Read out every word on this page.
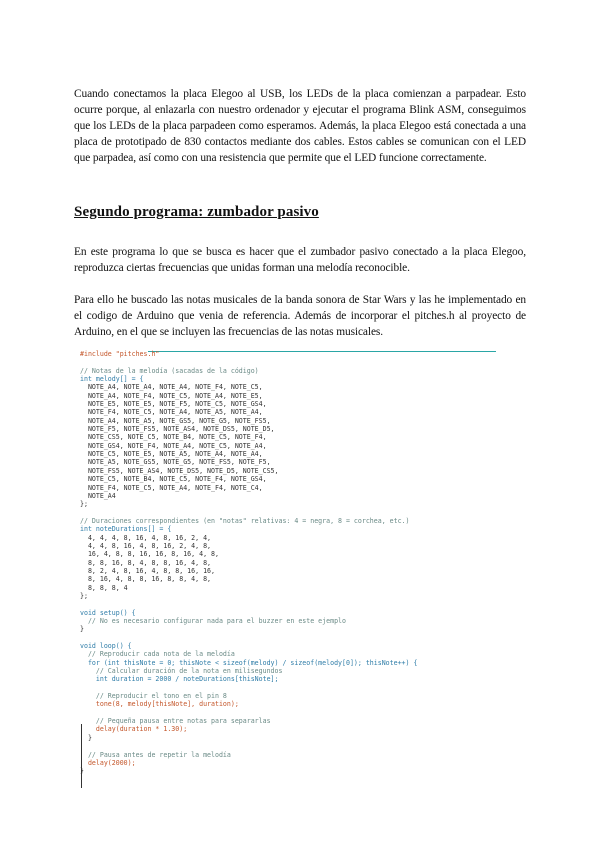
Cuando conectamos la placa Elegoo al USB, los LEDs de la placa comienzan a parpadear. Esto ocurre porque, al enlazarla con nuestro ordenador y ejecutar el programa Blink ASM, conseguimos que los LEDs de la placa parpadeen como esperamos. Además, la placa Elegoo está conectada a una placa de prototipado de 830 contactos mediante dos cables. Estos cables se comunican con el LED que parpadea, así como con una resistencia que permite que el LED funcione correctamente.

Segundo programa: zumbador pasivo

En este programa lo que se busca es hacer que el zumbador pasivo conectado a la placa Elegoo, reproduzca ciertas frecuencias que unidas forman una melodía reconocible.

Para ello he buscado las notas musicales de la banda sonora de Star Wars y las he implementado en el codigo de Arduino que venia de referencia. Además de incorporar el pitches.h al proyecto de Arduino, en el que se incluyen las frecuencias de las notas musicales.

#include "pitches.h"
// Notas de la melodía (sacadas de la código)
int melody[] = {
NOTE_A4, NOTE_A4, NOTE_A4, NOTE_F4, NOTE_C5,
NOTE_A4, NOTE_F4, NOTE_C5, NOTE_A4, NOTE_E5,
NOTE_E5, NOTE_E5, NOTE_F5, NOTE_C5, NOTE_GS4,
NOTE_F4, NOTE_C5, NOTE_A4, NOTE_A5, NOTE_A4,
NOTE_A4, NOTE_A5, NOTE_GS5, NOTE_G5, NOTE_FS5,
NOTE_F5, NOTE_FS5, NOTE_AS4, NOTE_DS5, NOTE_D5,
NOTE_CS5, NOTE_C5, NOTE_B4, NOTE_C5, NOTE_F4,
NOTE_GS4, NOTE_F4, NOTE_A4, NOTE_C5, NOTE_A4,
NOTE_C5, NOTE_E5, NOTE_A5, NOTE_A4, NOTE_A4,
NOTE_A5, NOTE_GS5, NOTE_G5, NOTE_FS5, NOTE_F5,
NOTE_FS5, NOTE_AS4, NOTE_DS5, NOTE_D5, NOTE_CS5,
NOTE_C5, NOTE_B4, NOTE_C5, NOTE_F4, NOTE_GS4,
NOTE_F4, NOTE_C5, NOTE_A4, NOTE_F4, NOTE_C4,
NOTE_A4
};
// Duraciones correspondientes (en "notas" relativas: 4 = negra, 8 = corchea, etc.)
int noteDurations[] = {
4, 4, 4, 8, 16, 4, 8, 16, 2, 4,
4, 4, 8, 16, 4, 8, 16, 2, 4, 8,
16, 4, 8, 8, 16, 16, 8, 16, 4, 8,
8, 8, 16, 8, 4, 8, 8, 16, 4, 8,
8, 2, 4, 8, 16, 4, 8, 8, 16, 16,
8, 16, 4, 8, 8, 16, 8, 8, 4, 8,
8, 8, 8, 4
};
void setup() {
// No es necesario configurar nada para el buzzer en este ejemplo
}
void loop() {
// Reproducir cada nota de la melodía
for (int thisNote = 0; thisNote < sizeof(melody) / sizeof(melody[0]); thisNote++) {
// Calcular duración de la nota en milisegundos
int duration = 2000 / noteDurations[thisNote];
// Reproducir el tono en el pin 8
tone(8, melody[thisNote], duration);
// Pequeña pausa entre notas para separarlas
delay(duration * 1.30);
}
// Pausa antes de repetir la melodía
delay(2000);
}
